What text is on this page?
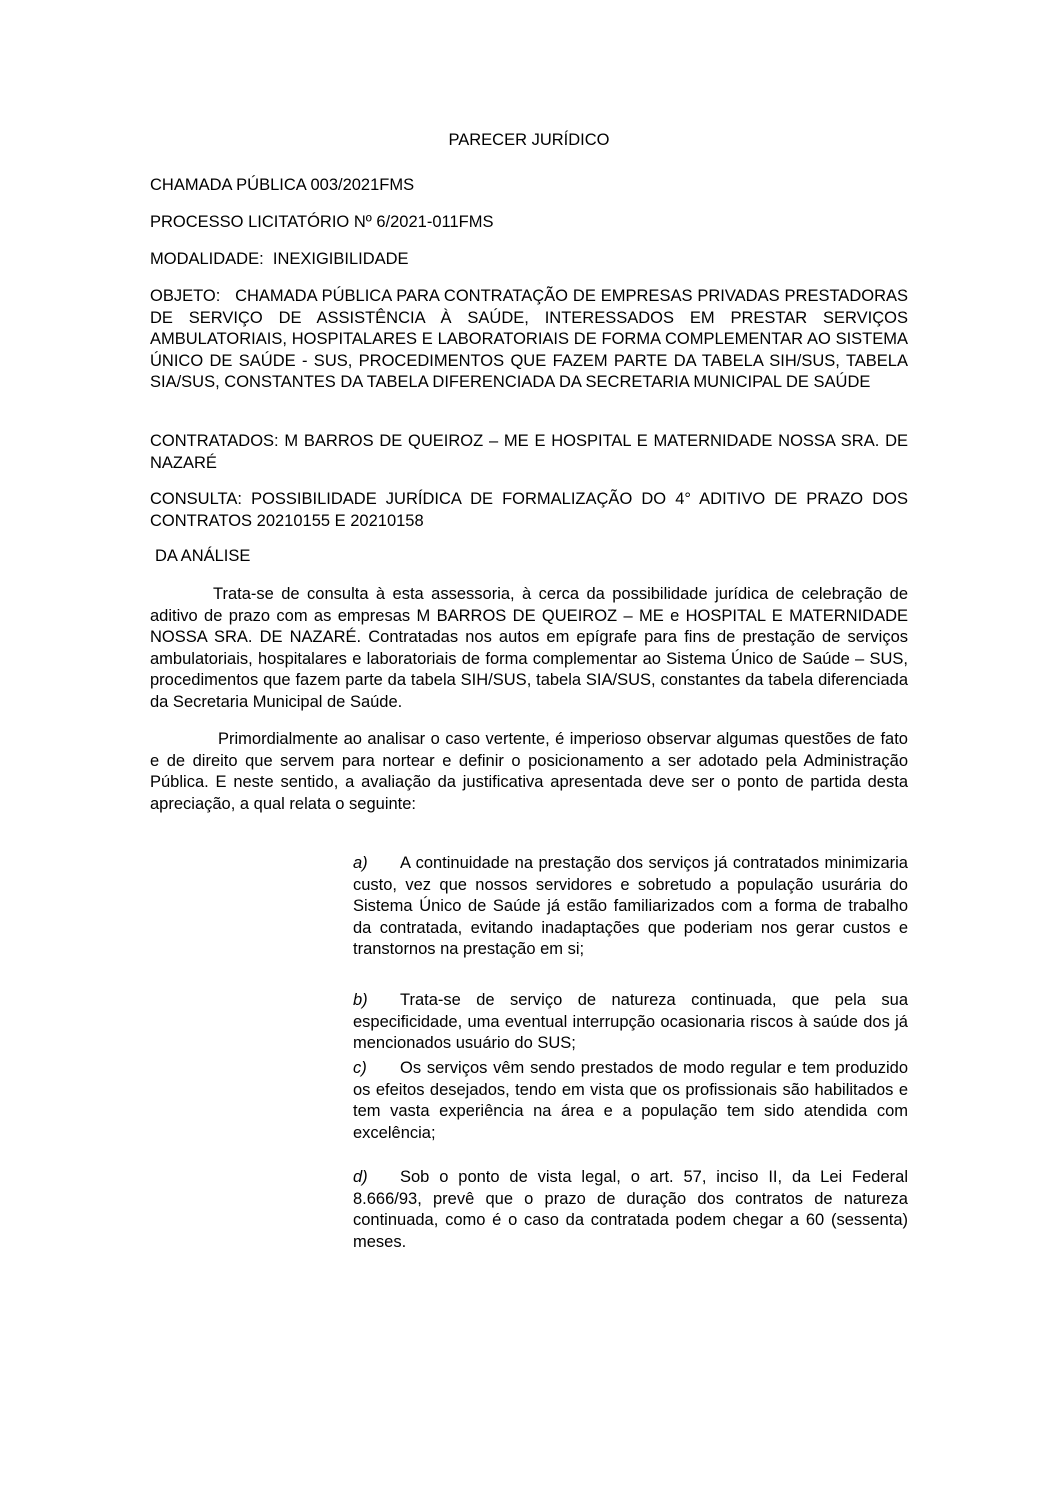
PARECER JURÍDICO

CHAMADA PÚBLICA 003/2021FMS

PROCESSO LICITATÓRIO Nº 6/2021-011FMS

MODALIDADE:  INEXIGIBILIDADE

OBJETO:   CHAMADA PÚBLICA PARA CONTRATAÇÃO DE EMPRESAS PRIVADAS PRESTADORAS DE SERVIÇO DE ASSISTÊNCIA À SAÚDE, INTERESSADOS EM PRESTAR SERVIÇOS AMBULATORIAIS, HOSPITALARES E LABORATORIAIS DE FORMA COMPLEMENTAR AO SISTEMA ÚNICO DE SAÚDE - SUS, PROCEDIMENTOS QUE FAZEM PARTE DA TABELA SIH/SUS, TABELA SIA/SUS, CONSTANTES DA TABELA DIFERENCIADA DA SECRETARIA MUNICIPAL DE SAÚDE

CONTRATADOS: M BARROS DE QUEIROZ – ME E HOSPITAL E MATERNIDADE NOSSA SRA. DE NAZARÉ

CONSULTA: POSSIBILIDADE JURÍDICA DE FORMALIZAÇÃO DO 4° ADITIVO DE PRAZO DOS CONTRATOS 20210155 E 20210158

DA ANÁLISE

Trata-se de consulta à esta assessoria, à cerca da possibilidade jurídica de celebração de aditivo de prazo com as empresas M BARROS DE QUEIROZ – ME e HOSPITAL E MATERNIDADE NOSSA SRA. DE NAZARÉ. Contratadas nos autos em epígrafe para fins de prestação de serviços ambulatoriais, hospitalares e laboratoriais de forma complementar ao Sistema Único de Saúde – SUS, procedimentos que fazem parte da tabela SIH/SUS, tabela SIA/SUS, constantes da tabela diferenciada da Secretaria Municipal de Saúde.

Primordialmente ao analisar o caso vertente, é imperioso observar algumas questões de fato e de direito que servem para nortear e definir o posicionamento a ser adotado pela Administração Pública. E neste sentido, a avaliação da justificativa apresentada deve ser o ponto de partida desta apreciação, a qual relata o seguinte:

a) A continuidade na prestação dos serviços já contratados minimizaria custo, vez que nossos servidores e sobretudo a população usurária do Sistema Único de Saúde já estão familiarizados com a forma de trabalho da contratada, evitando inadaptações que poderiam nos gerar custos e transtornos na prestação em si;

b) Trata-se de serviço de natureza continuada, que pela sua especificidade, uma eventual interrupção ocasionaria riscos à saúde dos já mencionados usuário do SUS;

c) Os serviços vêm sendo prestados de modo regular e tem produzido os efeitos desejados, tendo em vista que os profissionais são habilitados e tem vasta experiência na área e a população tem sido atendida com excelência;

d) Sob o ponto de vista legal, o art. 57, inciso II, da Lei Federal 8.666/93, prevê que o prazo de duração dos contratos de natureza continuada, como é o caso da contratada podem chegar a 60 (sessenta) meses.
